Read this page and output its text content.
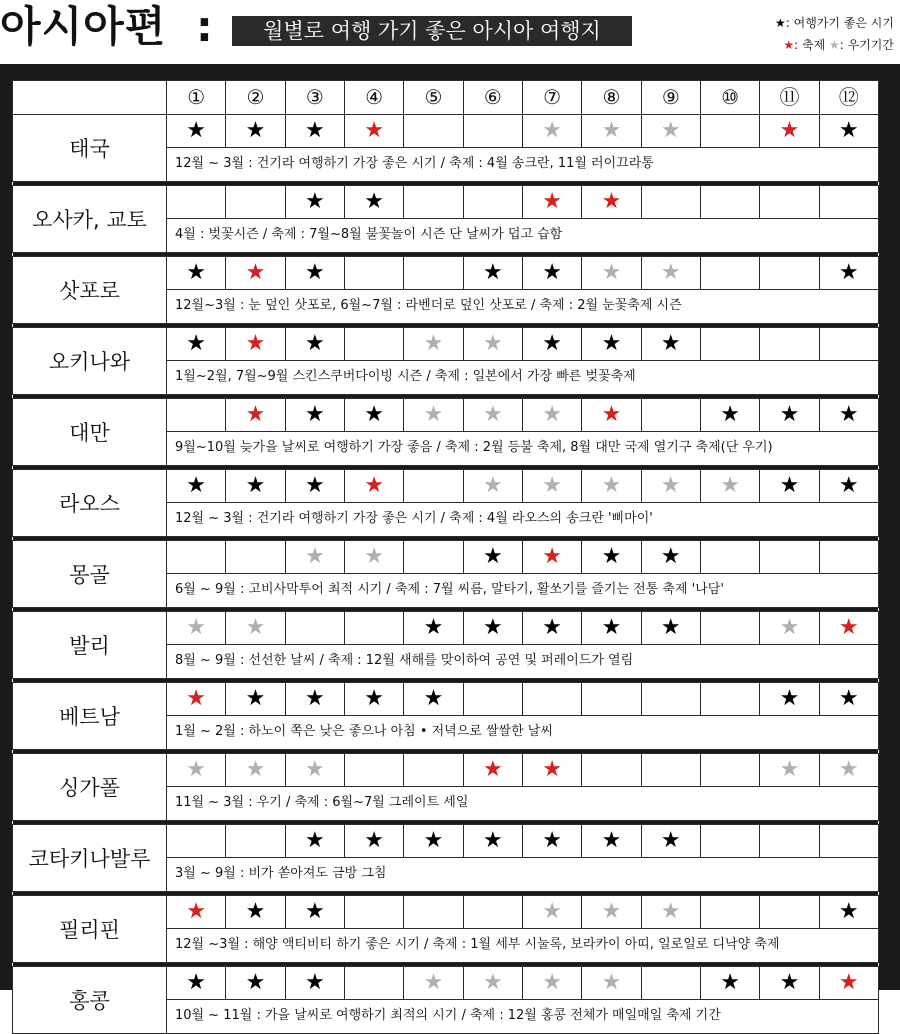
아시아편 :	월별로 여행 가기 좋은 아시아 여행지	★: 여행가기 좋은 시기
★: 축제 ★: 우기기간
	①	②	③	④	⑤	⑥	⑦	⑧	⑨	⑩	⑪	⑫
태국	★	★	★	★			★	★	★		★	★
	12월 ~ 3월 : 건기라 여행하기 가장 좋은 시기 / 축제 : 4월 송크란, 11월 러이끄라통											

오사카, 교토			★	★			★	★				
	4월 : 벚꽃시즌 / 축제 : 7월~8월 불꽃놀이 시즌 단 날씨가 덥고 습함											

삿포로	★	★	★			★	★	★	★			★
	12월~3월 : 눈 덮인 삿포로, 6월~7월 : 라벤더로 덮인 삿포로 / 축제 : 2월 눈꽃축제 시즌											

오키나와	★	★	★		★	★	★	★	★			
	1월~2월, 7월~9월 스킨스쿠버다이빙 시즌 / 축제 : 일본에서 가장 빠른 벚꽃축제											

대만		★	★	★	★	★	★	★		★	★	★
	9월~10월 늦가을 날씨로 여행하기 가장 좋음 / 축제 : 2월 등불 축제, 8월 대만 국제 열기구 축제(단 우기)											

라오스	★	★	★	★		★	★	★	★	★	★	★
	12월 ~ 3월 : 건기라 여행하기 가장 좋은 시기 / 축제 : 4월 라오스의 송크란 '삐마이'											

몽골			★	★		★	★	★	★			
	6월 ~ 9월 : 고비사막투어 최적 시기 / 축제 : 7월 씨름, 말타기, 활쏘기를 즐기는 전통 축제 '나담'											

발리	★	★			★	★	★	★	★		★	★
	8월 ~ 9월 : 선선한 날씨 / 축제 : 12월 새해를 맞이하여 공연 및 퍼레이드가 열림											

베트남	★	★	★	★	★						★	★
	1월 ~ 2월 : 하노이 쪽은 낮은 좋으나 아침 • 저녁으로 쌀쌀한 날씨											

싱가폴	★	★	★			★	★				★	★
	11월 ~ 3월 : 우기 / 축제 : 6월~7월 그레이트 세일											

코타키나발루			★	★	★	★	★	★	★			
	3월 ~ 9월 : 비가 쏟아져도 금방 그침											

필리핀	★	★	★				★	★	★			★
	12월 ~3월 : 해양 액티비티 하기 좋은 시기 / 축제 : 1월 세부 시눌록, 보라카이 아띠, 일로일로 디낙양 축제											

홍콩	★	★	★		★	★	★	★		★	★	★
	10월 ~ 11월 : 가을 날씨로 여행하기 최적의 시기 / 축제 : 12월 홍콩 전체가 매일매일 축제 기간											
